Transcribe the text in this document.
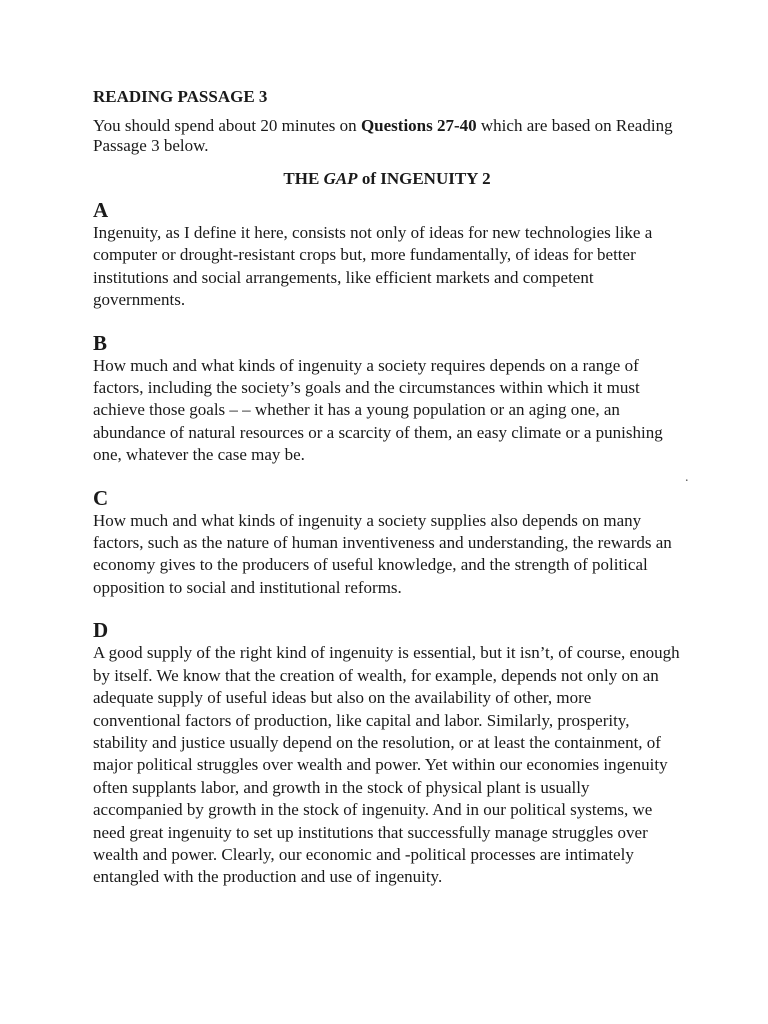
READING PASSAGE 3

You should spend about 20 minutes on Questions 27-40 which are based on Reading Passage 3 below.

THE GAP of INGENUITY 2

A

Ingenuity, as I define it here, consists not only of ideas for new technologies like a computer or drought-resistant crops but, more fundamentally, of ideas for better institutions and social arrangements, like efficient markets and competent governments.

B

How much and what kinds of ingenuity a society requires depends on a range of factors, including the society’s goals and the circumstances within which it must achieve those goals – – whether it has a young population or an aging one, an abundance of natural resources or a scarcity of them, an easy climate or a punishing one, whatever the case may be.

C

How much and what kinds of ingenuity a society supplies also depends on many factors, such as the nature of human inventiveness and understanding, the rewards an economy gives to the producers of useful knowledge, and the strength of political opposition to social and institutional reforms.

D

A good supply of the right kind of ingenuity is essential, but it isn’t, of course, enough by itself. We know that the creation of wealth, for example, depends not only on an adequate supply of useful ideas but also on the availability of other, more conventional factors of production, like capital and labor. Similarly, prosperity, stability and justice usually depend on the resolution, or at least the containment, of major political struggles over wealth and power. Yet within our economies ingenuity often supplants labor, and growth in the stock of physical plant is usually accompanied by growth in the stock of ingenuity. And in our political systems, we need great ingenuity to set up institutions that successfully manage struggles over wealth and power. Clearly, our economic and -political processes are intimately entangled with the production and use of ingenuity.

.
